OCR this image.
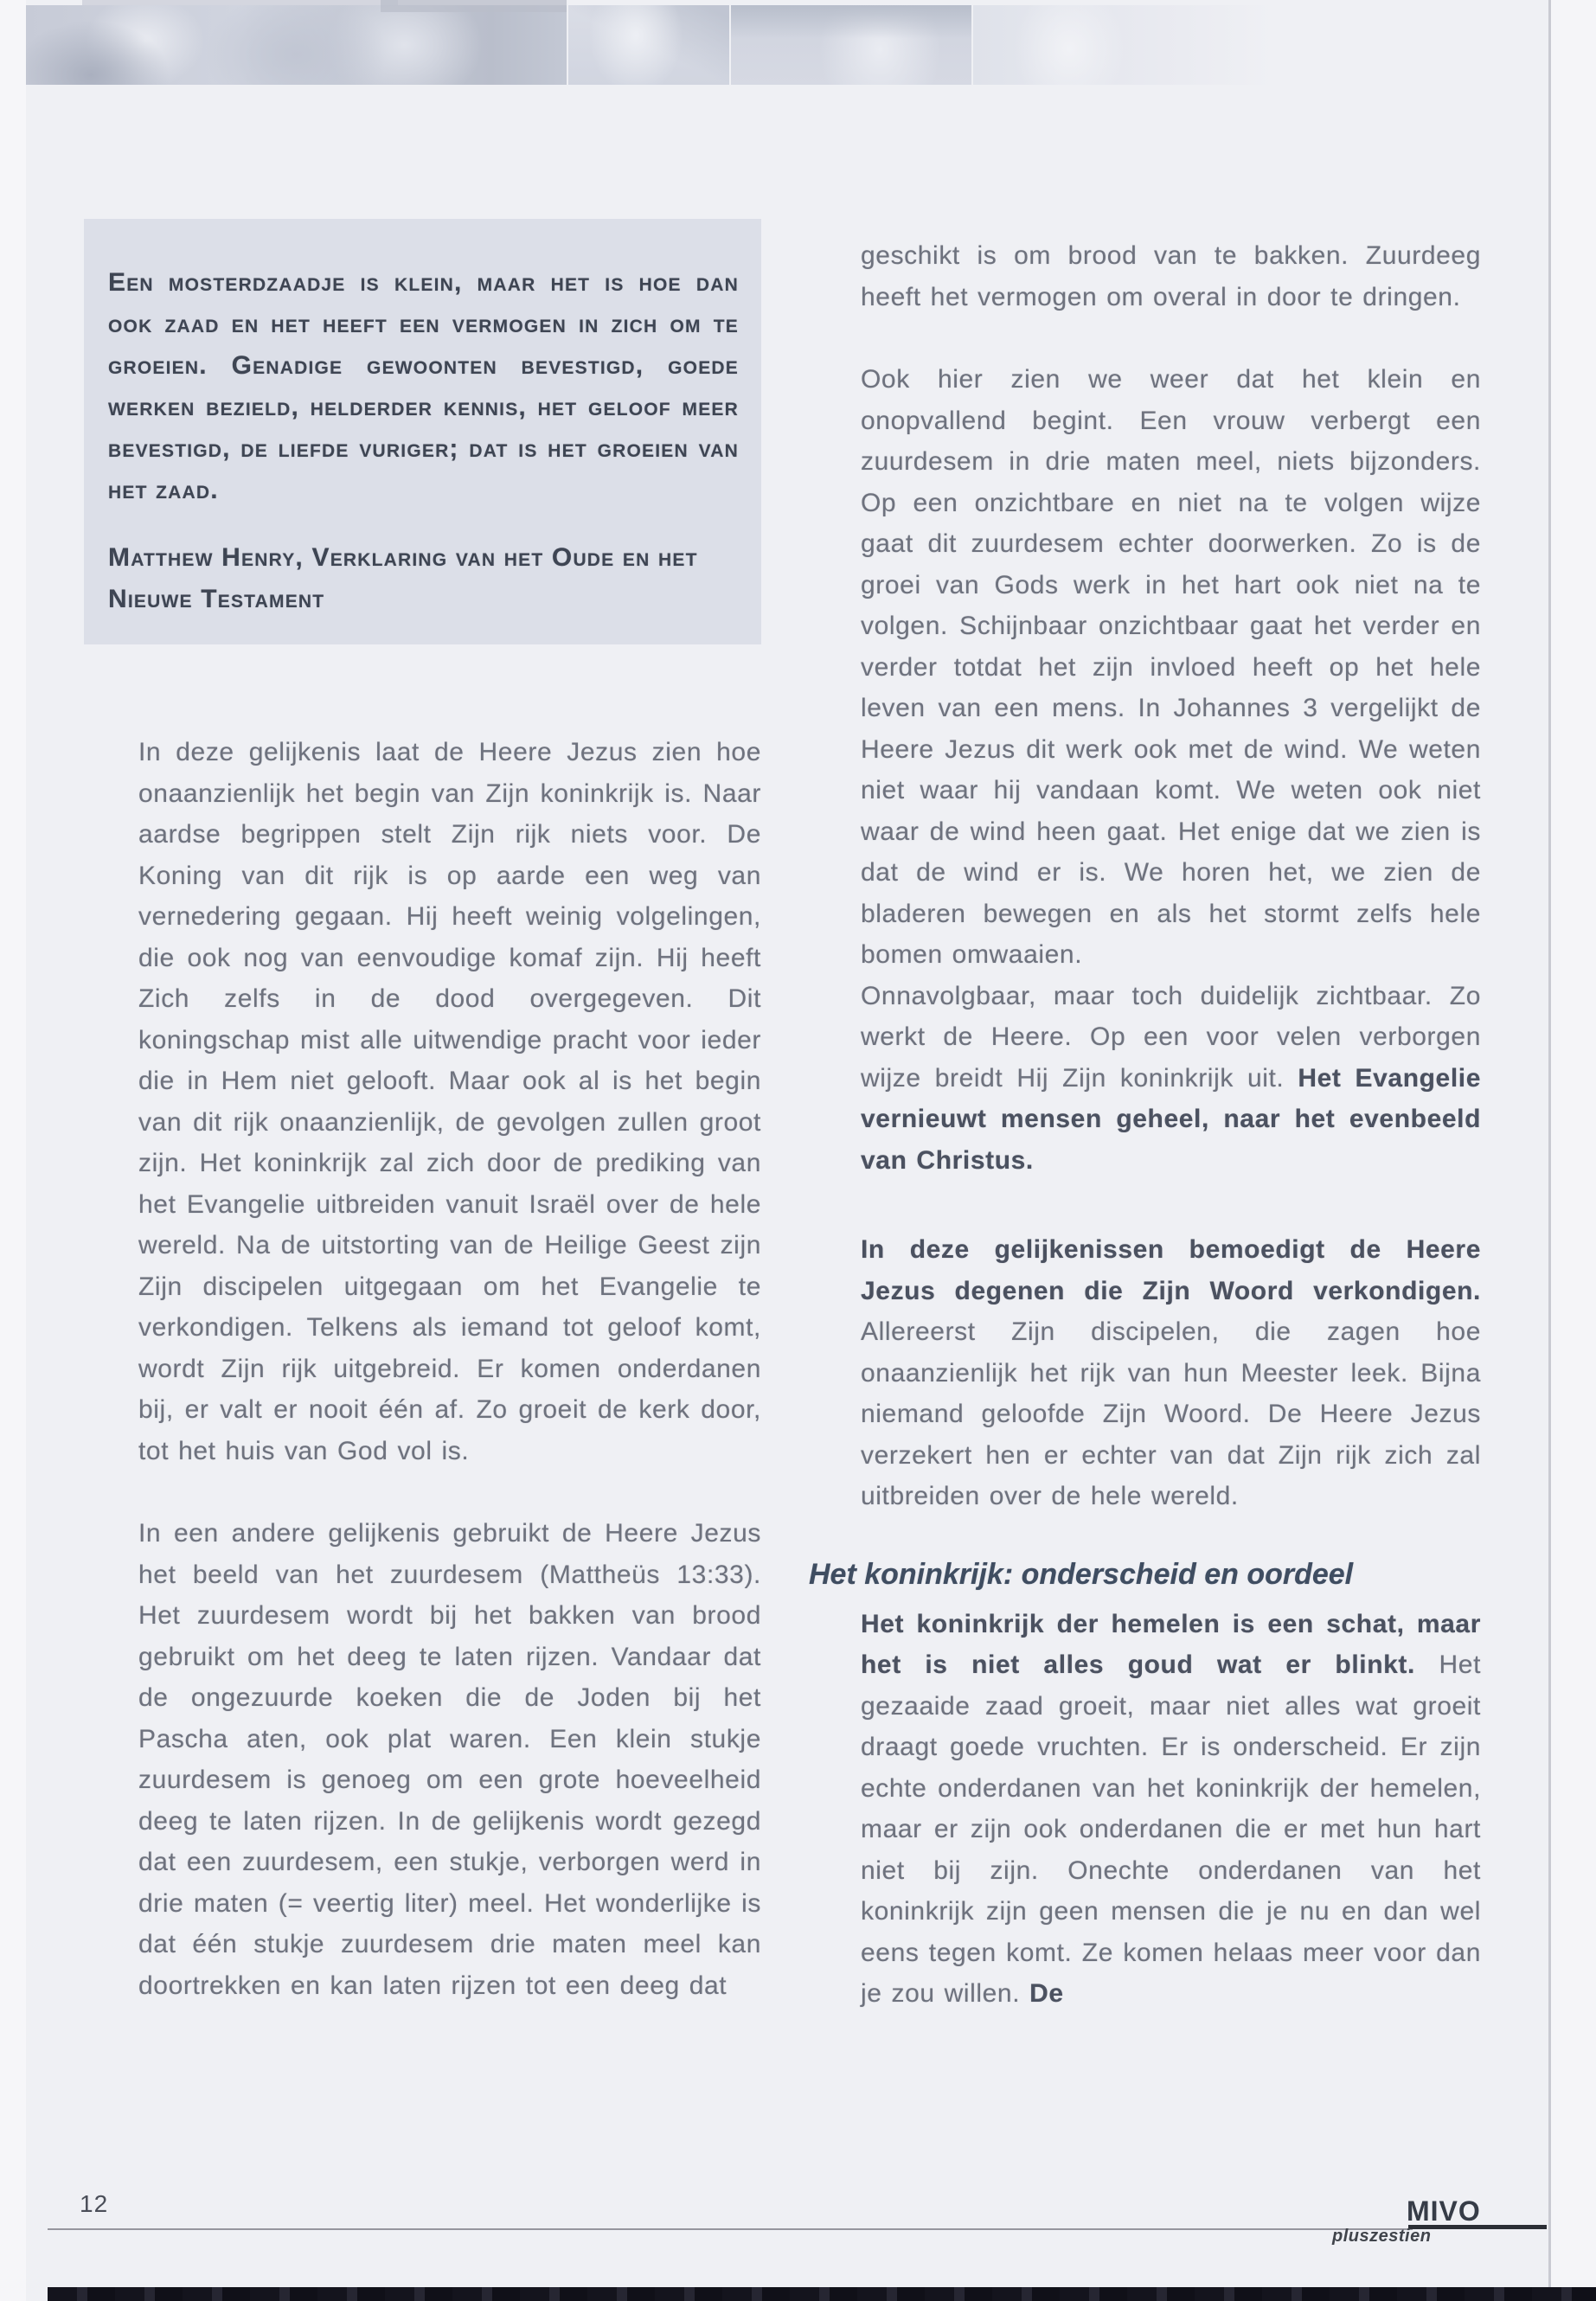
Een mosterdzaadje is klein, maar het is hoe dan ook zaad en het heeft een vermogen in zich om te groeien. Genadige gewoonten bevestigd, goede werken bezield, helderder kennis, het geloof meer bevestigd, de liefde vuriger; dat is het groeien van het zaad.
Matthew Henry, Verklaring van het Oude en het Nieuwe Testament

In deze gelijkenis laat de Heere Jezus zien hoe onaanzienlijk het begin van Zijn koninkrijk is. Naar aardse begrippen stelt Zijn rijk niets voor. De Koning van dit rijk is op aarde een weg van vernedering gegaan. Hij heeft weinig volgelingen, die ook nog van eenvoudige komaf zijn. Hij heeft Zich zelfs in de dood overgegeven. Dit koningschap mist alle uitwendige pracht voor ieder die in Hem niet gelooft. Maar ook al is het begin van dit rijk onaanzienlijk, de gevolgen zullen groot zijn. Het koninkrijk zal zich door de prediking van het Evangelie uitbreiden vanuit Israël over de hele wereld. Na de uitstorting van de Heilige Geest zijn Zijn discipelen uitgegaan om het Evangelie te verkondigen. Telkens als iemand tot geloof komt, wordt Zijn rijk uitgebreid. Er komen onderdanen bij, er valt er nooit één af. Zo groeit de kerk door, tot het huis van God vol is.

In een andere gelijkenis gebruikt de Heere Jezus het beeld van het zuurdesem (Mattheüs 13:33). Het zuurdesem wordt bij het bakken van brood gebruikt om het deeg te laten rijzen. Vandaar dat de ongezuurde koeken die de Joden bij het Pascha aten, ook plat waren. Een klein stukje zuurdesem is genoeg om een grote hoeveelheid deeg te laten rijzen. In de gelijkenis wordt gezegd dat een zuurdesem, een stukje, verborgen werd in drie maten (= veertig liter) meel. Het wonderlijke is dat één stukje zuurdesem drie maten meel kan doortrekken en kan laten rijzen tot een deeg dat

geschikt is om brood van te bakken. Zuurdeeg heeft het vermogen om overal in door te dringen.

Ook hier zien we weer dat het klein en onopvallend begint. Een vrouw verbergt een zuurdesem in drie maten meel, niets bijzonders. Op een onzichtbare en niet na te volgen wijze gaat dit zuurdesem echter doorwerken. Zo is de groei van Gods werk in het hart ook niet na te volgen. Schijnbaar onzichtbaar gaat het verder en verder totdat het zijn invloed heeft op het hele leven van een mens. In Johannes 3 vergelijkt de Heere Jezus dit werk ook met de wind. We weten niet waar hij vandaan komt. We weten ook niet waar de wind heen gaat. Het enige dat we zien is dat de wind er is. We horen het, we zien de bladeren bewegen en als het stormt zelfs hele bomen omwaaien.

Onnavolgbaar, maar toch duidelijk zichtbaar. Zo werkt de Heere. Op een voor velen verborgen wijze breidt Hij Zijn koninkrijk uit. Het Evangelie vernieuwt mensen geheel, naar het evenbeeld van Christus.

In deze gelijkenissen bemoedigt de Heere Jezus degenen die Zijn Woord verkondigen. Allereerst Zijn discipelen, die zagen hoe onaanzienlijk het rijk van hun Meester leek. Bijna niemand geloofde Zijn Woord. De Heere Jezus verzekert hen er echter van dat Zijn rijk zich zal uitbreiden over de hele wereld.

Het koninkrijk: onderscheid en oordeel

Het koninkrijk der hemelen is een schat, maar het is niet alles goud wat er blinkt. Het gezaaide zaad groeit, maar niet alles wat groeit draagt goede vruchten. Er is onderscheid. Er zijn echte onderdanen van het koninkrijk der hemelen, maar er zijn ook onderdanen die er met hun hart niet bij zijn. Onechte onderdanen van het koninkrijk zijn geen mensen die je nu en dan wel eens tegen komt. Ze komen helaas meer voor dan je zou willen. De

12	MIVO
pluszestien
